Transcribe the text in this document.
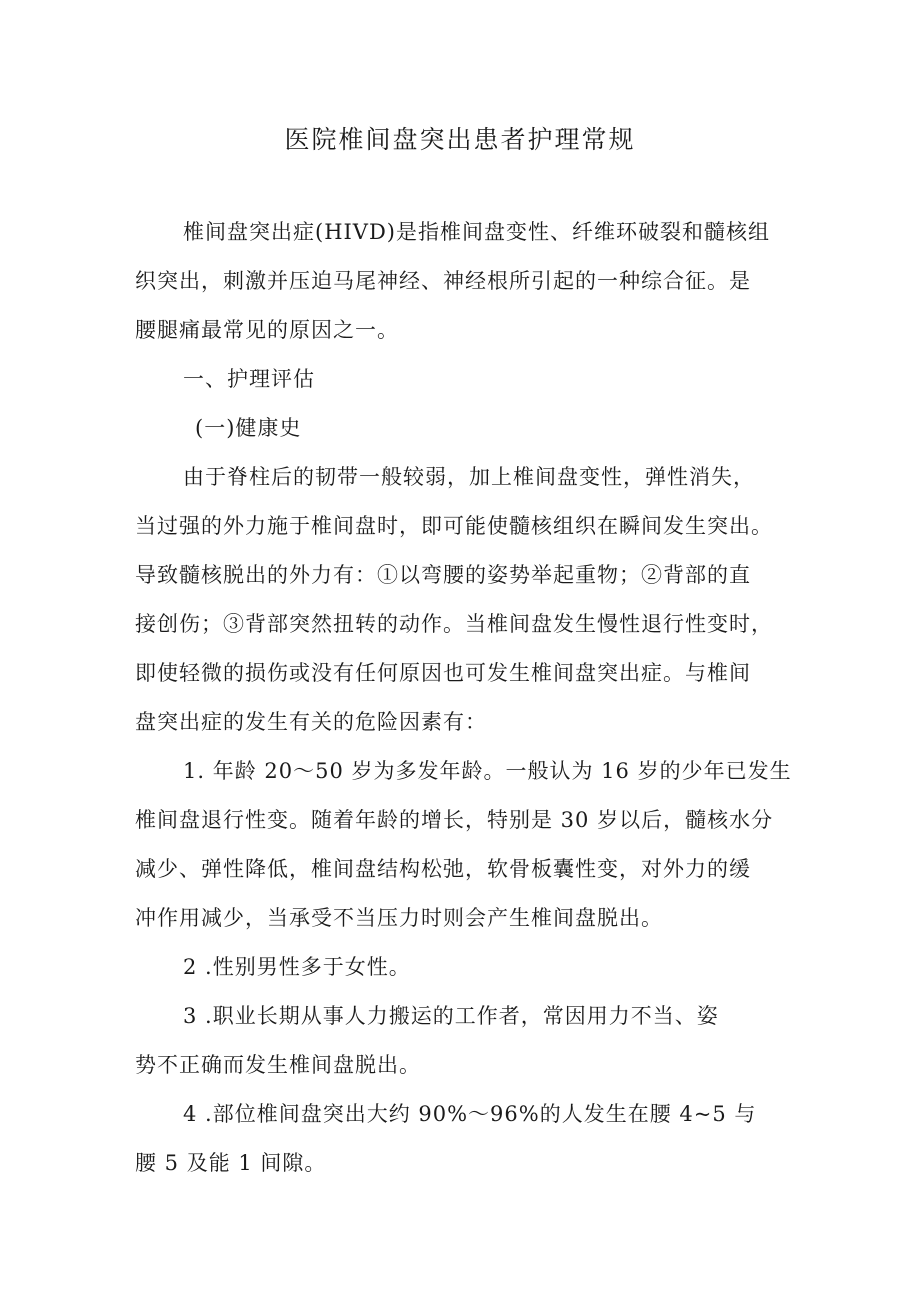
医院椎间盘突出患者护理常规
椎间盘突出症(HIVD)是指椎间盘变性、纤维环破裂和髓核组
织突出，刺激并压迫马尾神经、神经根所引起的一种综合征。是
腰腿痛最常见的原因之一。
一、护理评估
(一)健康史
由于脊柱后的韧带一般较弱，加上椎间盘变性，弹性消失，
当过强的外力施于椎间盘时，即可能使髓核组织在瞬间发生突出。
导致髓核脱出的外力有：①以弯腰的姿势举起重物；②背部的直
接创伤；③背部突然扭转的动作。当椎间盘发生慢性退行性变时，
即使轻微的损伤或没有任何原因也可发生椎间盘突出症。与椎间
盘突出症的发生有关的危险因素有：
1. 年龄 20～50 岁为多发年龄。一般认为 16 岁的少年已发生
椎间盘退行性变。随着年龄的增长，特别是 30 岁以后，髓核水分
减少、弹性降低，椎间盘结构松弛，软骨板囊性变，对外力的缓
冲作用减少，当承受不当压力时则会产生椎间盘脱出。
2 .性别男性多于女性。
3 .职业长期从事人力搬运的工作者，常因用力不当、姿
势不正确而发生椎间盘脱出。
4 .部位椎间盘突出大约 90%～96%的人发生在腰 4~5 与
腰 5 及能 1 间隙。
